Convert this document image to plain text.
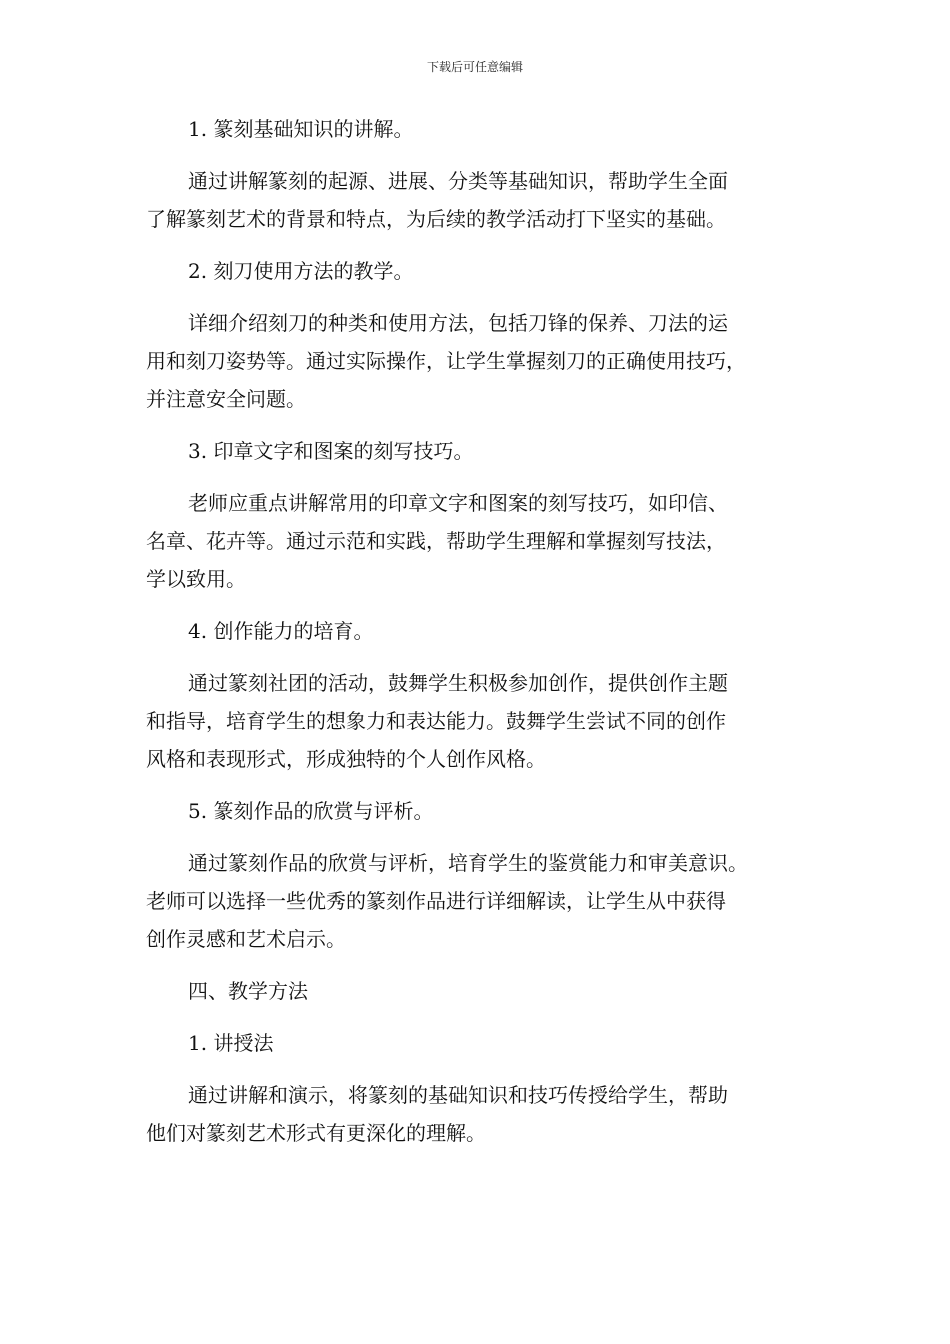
下载后可任意编辑
1. 篆刻基础知识的讲解。
通过讲解篆刻的起源、进展、分类等基础知识，帮助学生全面
了解篆刻艺术的背景和特点，为后续的教学活动打下坚实的基础。
2. 刻刀使用方法的教学。
详细介绍刻刀的种类和使用方法，包括刀锋的保养、刀法的运
用和刻刀姿势等。通过实际操作，让学生掌握刻刀的正确使用技巧，
并注意安全问题。
3. 印章文字和图案的刻写技巧。
老师应重点讲解常用的印章文字和图案的刻写技巧，如印信、
名章、花卉等。通过示范和实践，帮助学生理解和掌握刻写技法，
学以致用。
4. 创作能力的培育。
通过篆刻社团的活动，鼓舞学生积极参加创作，提供创作主题
和指导，培育学生的想象力和表达能力。鼓舞学生尝试不同的创作
风格和表现形式，形成独特的个人创作风格。
5. 篆刻作品的欣赏与评析。
通过篆刻作品的欣赏与评析，培育学生的鉴赏能力和审美意识。
老师可以选择一些优秀的篆刻作品进行详细解读，让学生从中获得
创作灵感和艺术启示。
四、教学方法
1. 讲授法
通过讲解和演示，将篆刻的基础知识和技巧传授给学生，帮助
他们对篆刻艺术形式有更深化的理解。
